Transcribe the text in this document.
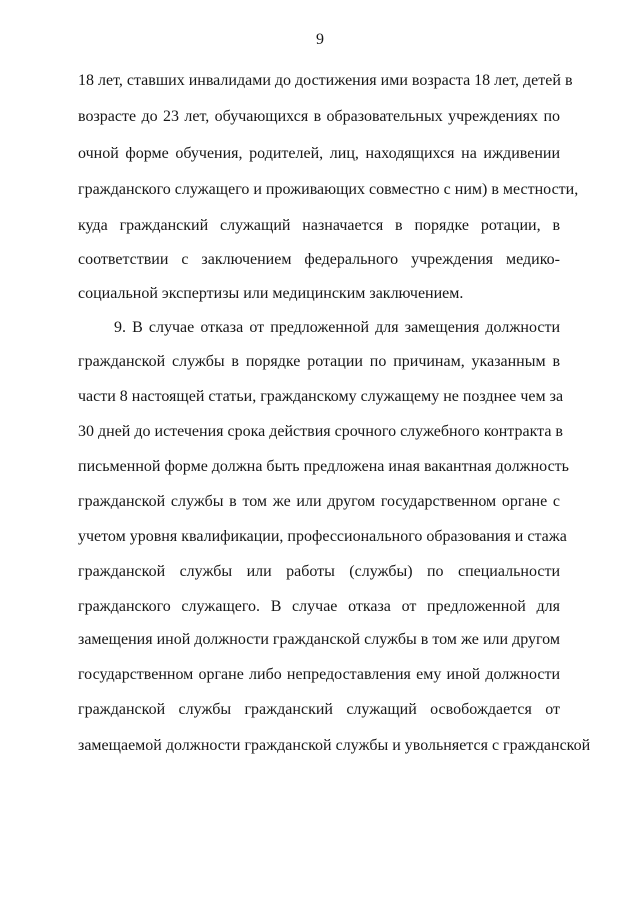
9
18 лет, ставших инвалидами до достижения ими возраста 18 лет, детей в
возрасте до 23 лет, обучающихся в образовательных учреждениях по
очной форме обучения, родителей, лиц, находящихся на иждивении
гражданского служащего и проживающих совместно с ним) в местности,
куда гражданский служащий назначается в порядке ротации, в
соответствии с заключением федерального учреждения медико-
социальной экспертизы или медицинским заключением.
9. В случае отказа от предложенной для замещения должности
гражданской службы в порядке ротации по причинам, указанным в
части 8 настоящей статьи, гражданскому служащему не позднее чем за
30 дней до истечения срока действия срочного служебного контракта в
письменной форме должна быть предложена иная вакантная должность
гражданской службы в том же или другом государственном органе с
учетом уровня квалификации, профессионального образования и стажа
гражданской службы или работы (службы) по специальности
гражданского служащего. В случае отказа от предложенной для
замещения иной должности гражданской службы в том же или другом
государственном органе либо непредоставления ему иной должности
гражданской службы гражданский служащий освобождается от
замещаемой должности гражданской службы и увольняется с гражданской
